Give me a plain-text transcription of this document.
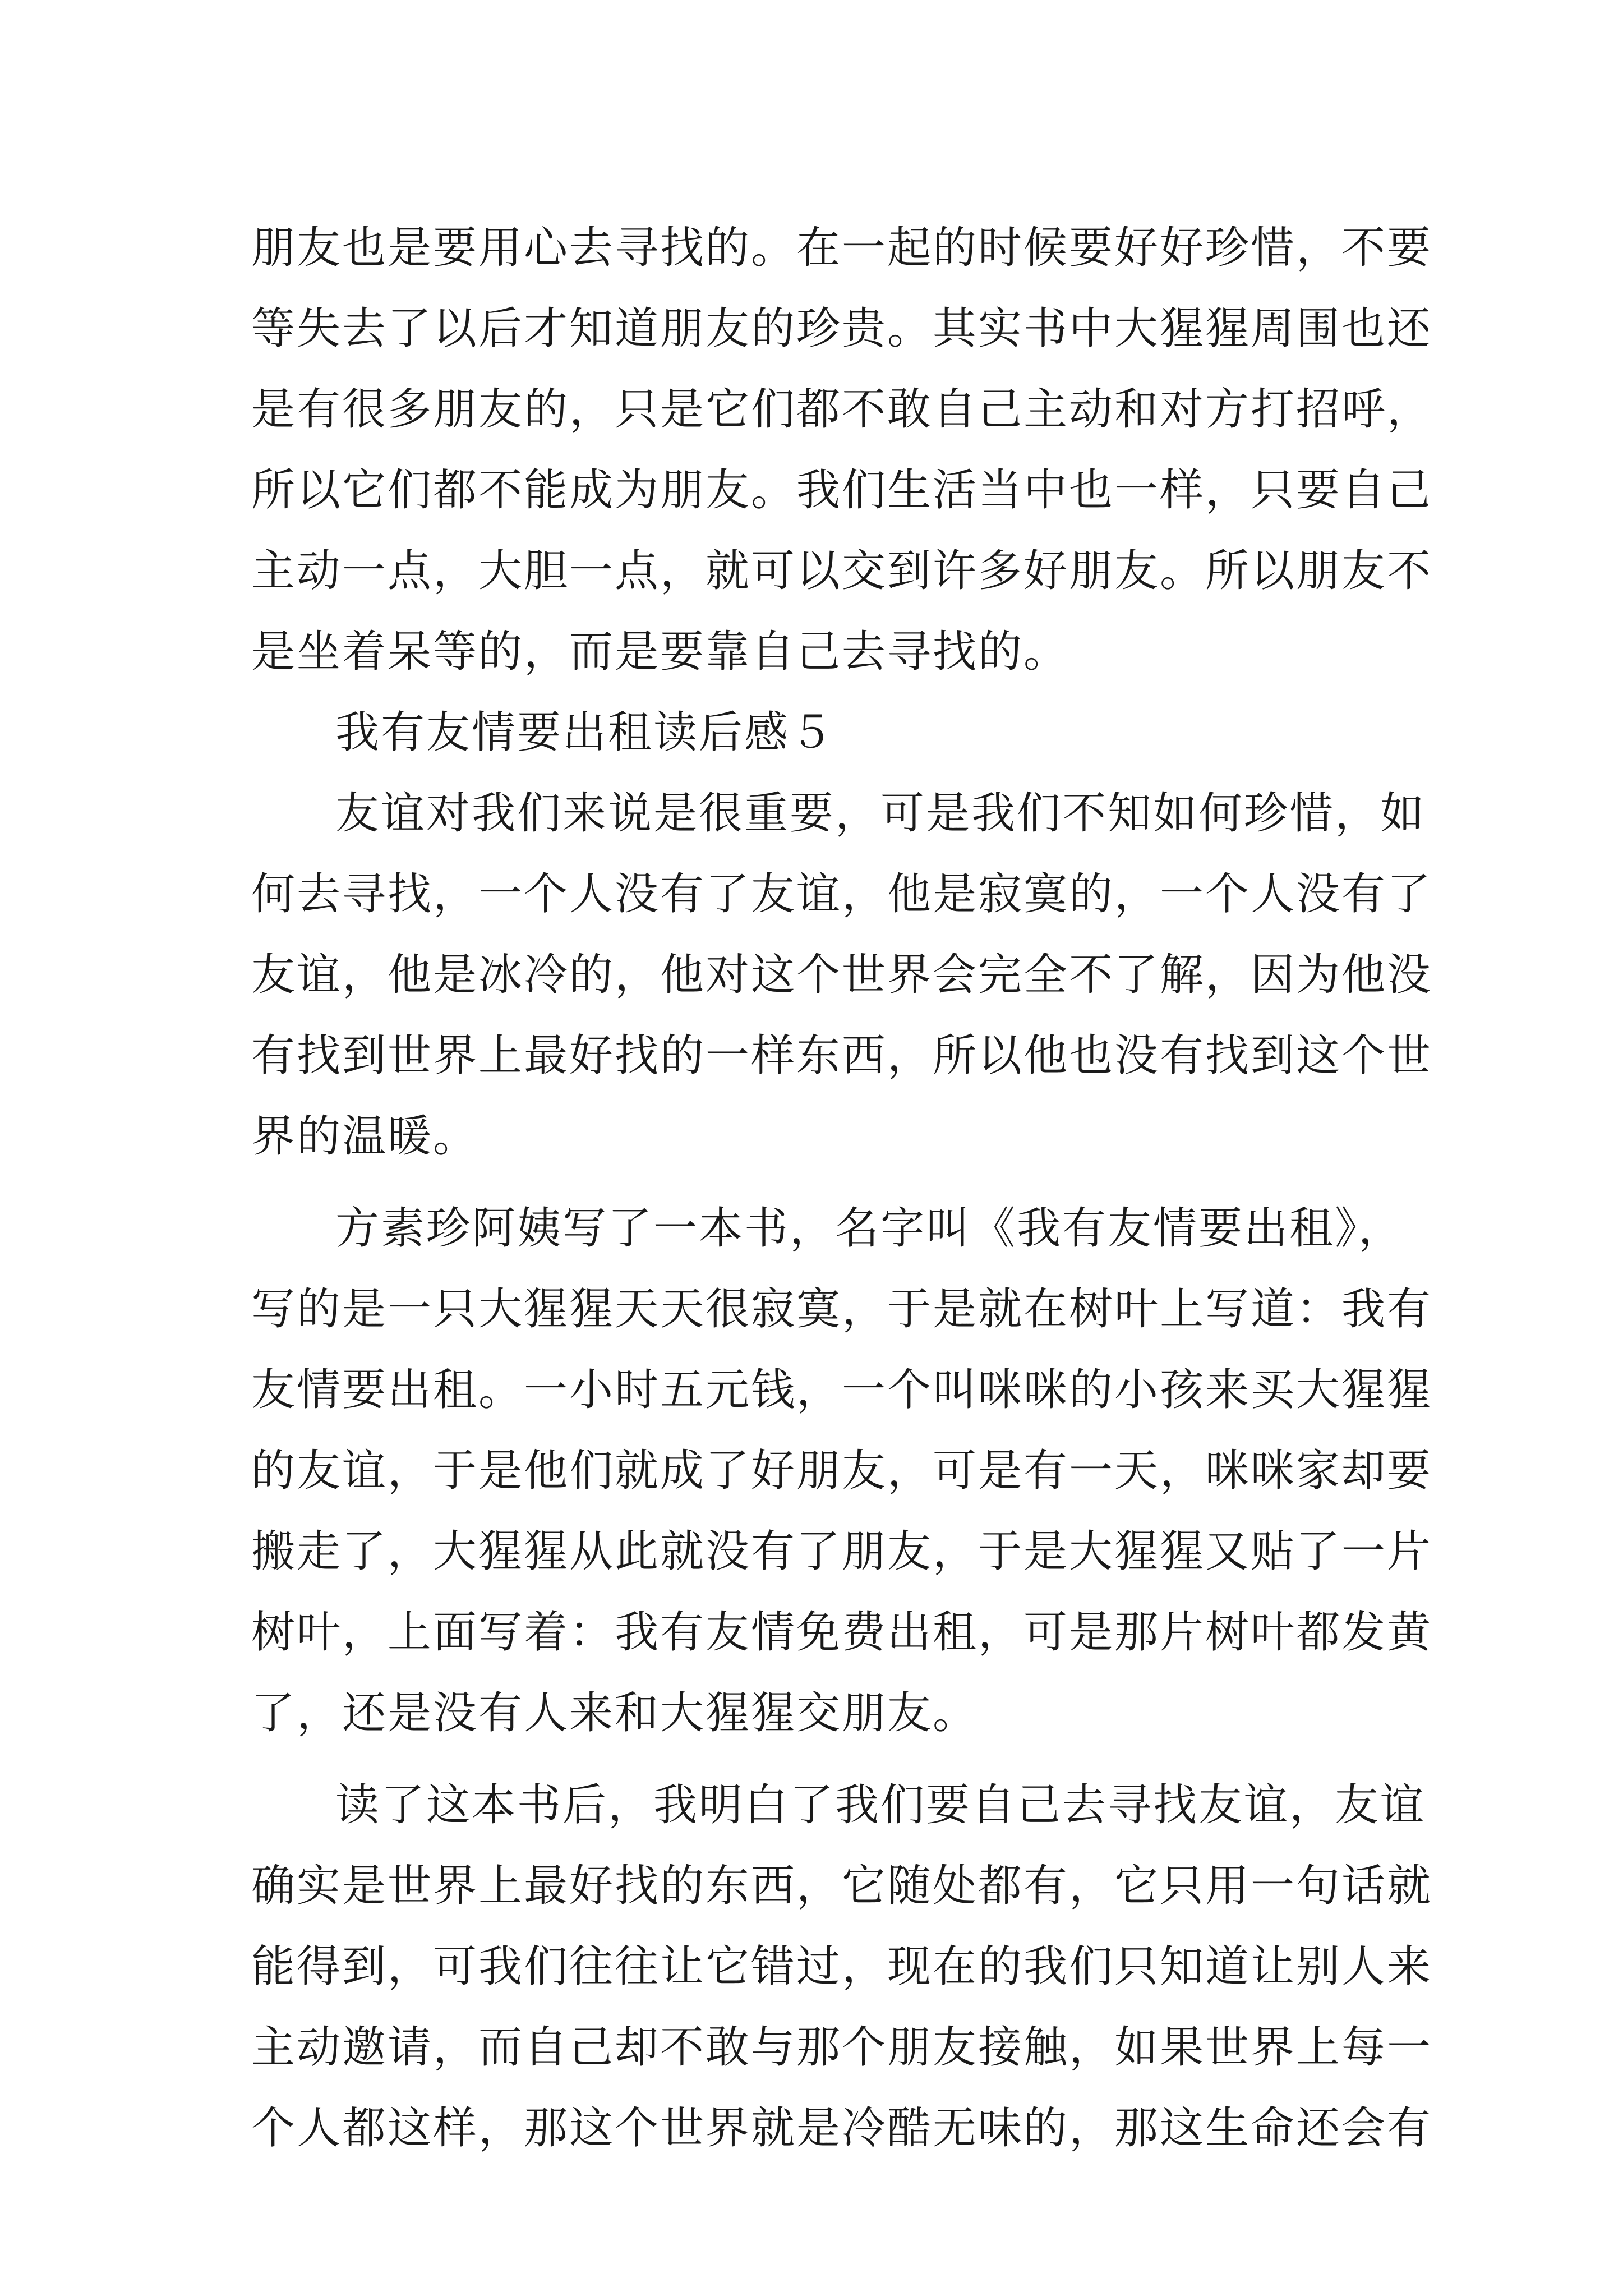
朋友也是要用心去寻找的。在一起的时候要好好珍惜，不要
等失去了以后才知道朋友的珍贵。其实书中大猩猩周围也还
是有很多朋友的，只是它们都不敢自己主动和对方打招呼，
所以它们都不能成为朋友。我们生活当中也一样，只要自己
主动一点，大胆一点，就可以交到许多好朋友。所以朋友不
是坐着呆等的，而是要靠自己去寻找的。
我有友情要出租读后感５
友谊对我们来说是很重要，可是我们不知如何珍惜，如
何去寻找，一个人没有了友谊，他是寂寞的，一个人没有了
友谊，他是冰冷的，他对这个世界会完全不了解，因为他没
有找到世界上最好找的一样东西，所以他也没有找到这个世
界的温暖。
方素珍阿姨写了一本书，名字叫《我有友情要出租》，
写的是一只大猩猩天天很寂寞，于是就在树叶上写道：我有
友情要出租。一小时五元钱，一个叫咪咪的小孩来买大猩猩
的友谊，于是他们就成了好朋友，可是有一天，咪咪家却要
搬走了，大猩猩从此就没有了朋友，于是大猩猩又贴了一片
树叶，上面写着：我有友情免费出租，可是那片树叶都发黄
了，还是没有人来和大猩猩交朋友。
读了这本书后，我明白了我们要自己去寻找友谊，友谊
确实是世界上最好找的东西，它随处都有，它只用一句话就
能得到，可我们往往让它错过，现在的我们只知道让别人来
主动邀请，而自己却不敢与那个朋友接触，如果世界上每一
个人都这样，那这个世界就是冷酷无味的，那这生命还会有
